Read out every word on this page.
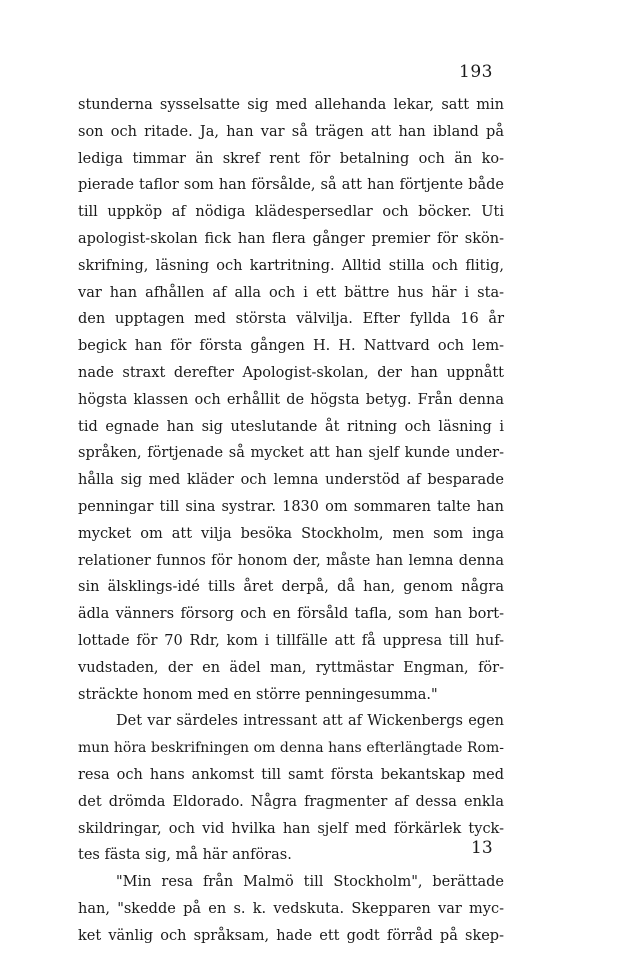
193
stunderna sysselsatte sig med allehanda lekar, satt min
son och ritade. Ja, han var så trägen att han ibland på
lediga timmar än skref rent för betalning och än ko-
pierade taflor som han försålde, så att han förtjente både
till uppköp af nödiga klädespersedlar och böcker. Uti
apologist-skolan fick han flera gånger premier för skön-
skrifning, läsning och kartritning. Alltid stilla och flitig,
var han afhållen af alla och i ett bättre hus här i sta-
den upptagen med största välvilja. Efter fyllda 16 år
begick han för första gången H. H. Nattvard och lem-
nade straxt derefter Apologist-skolan, der han uppnått
högsta klassen och erhållit de högsta betyg. Från denna
tid egnade han sig uteslutande åt ritning och läsning i
språken, förtjenade så mycket att han sjelf kunde under-
hålla sig med kläder och lemna understöd af besparade
penningar till sina systrar. 1830 om sommaren talte han
mycket om att vilja besöka Stockholm, men som inga
relationer funnos för honom der, måste han lemna denna
sin älsklings-idé tills året derpå, då han, genom några
ädla vänners försorg och en försåld tafla, som han bort-
lottade för 70 Rdr, kom i tillfälle att få uppresa till huf-
vudstaden, der en ädel man, ryttmästar Engman, för-
sträckte honom med en större penningesumma."
Det var särdeles intressant att af Wickenbergs egen
mun höra beskrifningen om denna hans efterlängtade Rom-
resa och hans ankomst till samt första bekantskap med
det drömda Eldorado. Några fragmenter af dessa enkla
skildringar, och vid hvilka han sjelf med förkärlek tyck-
tes fästa sig, må här anföras.
"Min resa från Malmö till Stockholm", berättade
han, "skedde på en s. k. vedskuta. Skepparen var myc-
ket vänlig och språksam, hade ett godt förråd på skep-
13
